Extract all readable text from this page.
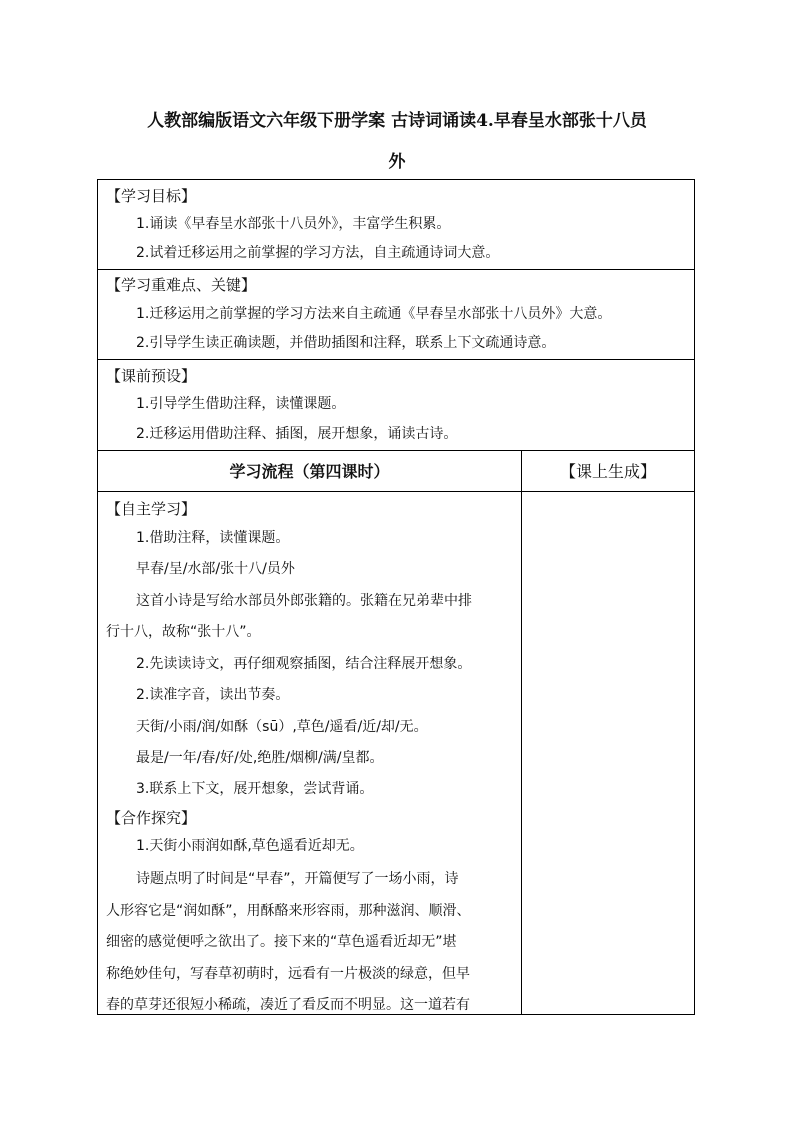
人教部编版语文六年级下册学案 古诗词诵读4.早春呈水部张十八员
外
【学习目标】
1.诵读《早春呈水部张十八员外》，丰富学生积累。
2.试着迁移运用之前掌握的学习方法，自主疏通诗词大意。
【学习重难点、关键】
1.迁移运用之前掌握的学习方法来自主疏通《早春呈水部张十八员外》大意。
2.引导学生读正确读题，并借助插图和注释，联系上下文疏通诗意。
【课前预设】
1.引导学生借助注释，读懂课题。
2.迁移运用借助注释、插图，展开想象，诵读古诗。
学习流程（第四课时）	【课上生成】
【自主学习】
1.借助注释，读懂课题。
早春/呈/水部/张十八/员外
这首小诗是写给水部员外郎张籍的。张籍在兄弟辈中排
行十八，故称“张十八”。
2.先读读诗文，再仔细观察插图，结合注释展开想象。
2.读准字音，读出节奏。
天街/小雨/润/如酥（sū）,草色/遥看/近/却/无。
最是/一年/春/好/处,绝胜/烟柳/满/皇都。
3.联系上下文，展开想象，尝试背诵。
【合作探究】
1.天街小雨润如酥,草色遥看近却无。
诗题点明了时间是“早春”，开篇便写了一场小雨，诗
人形容它是“润如酥”，用酥酪来形容雨，那种滋润、顺滑、
细密的感觉便呼之欲出了。接下来的“草色遥看近却无”堪
称绝妙佳句，写春草初萌时，远看有一片极淡的绿意，但早
春的草芽还很短小稀疏，凑近了看反而不明显。这一道若有
